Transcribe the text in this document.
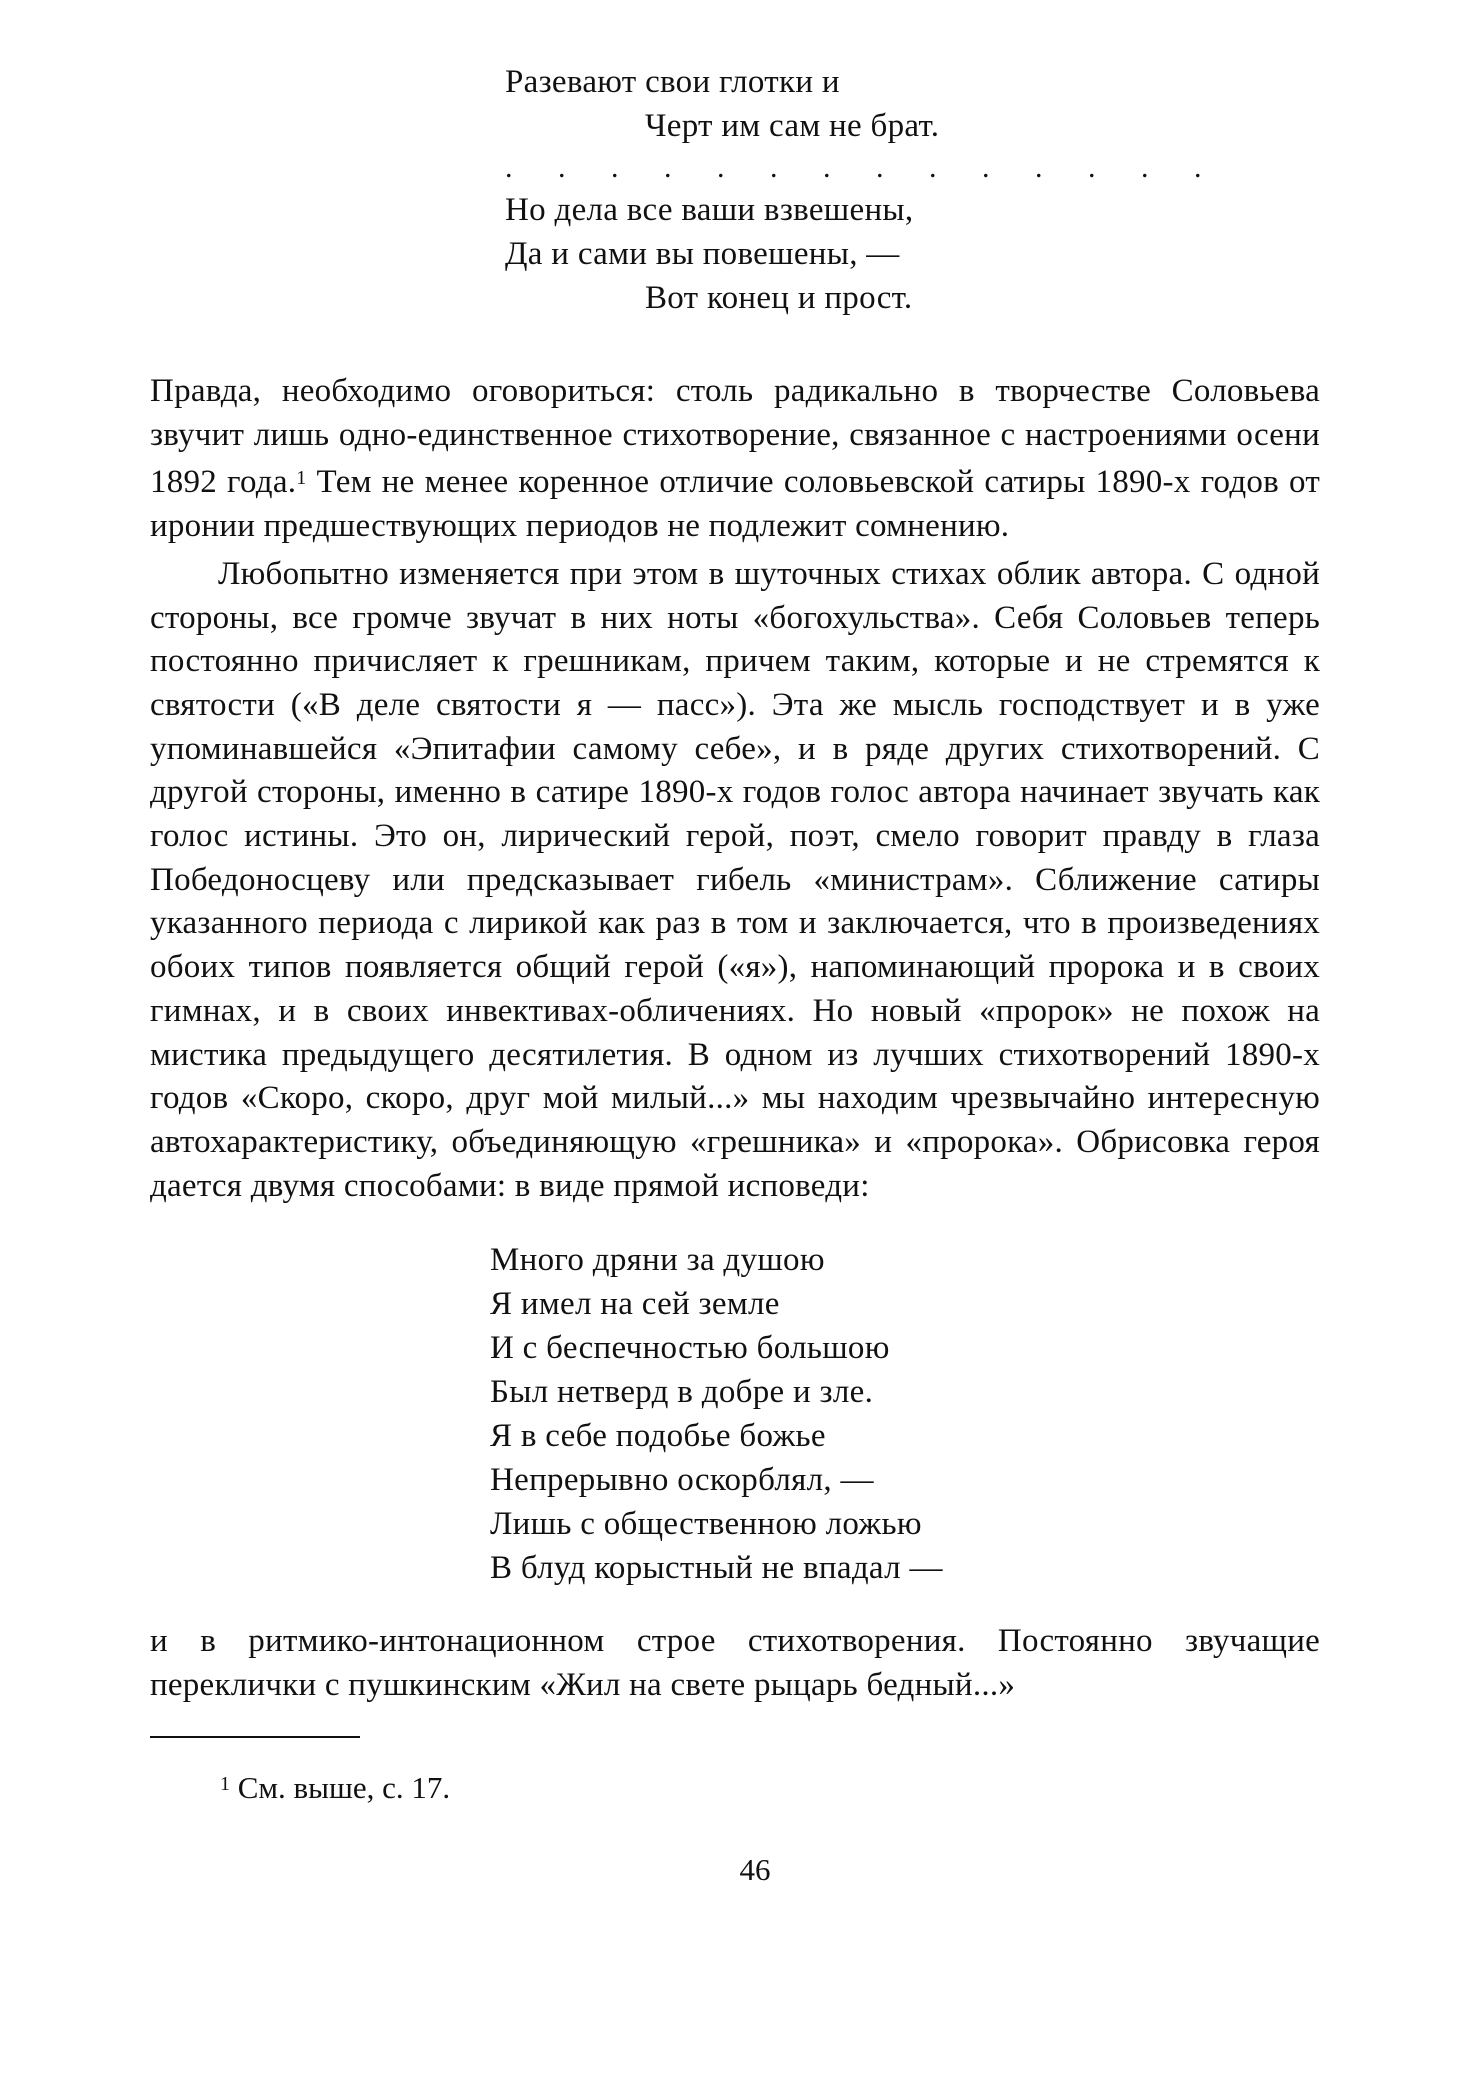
Разевают свои глотки и
Черт им сам не брат.
. . . . . . . . . . . . . .
Но дела все ваши взвешены,
Да и сами вы повешены, —
Вот конец и прост.

Правда, необходимо оговориться: столь радикально в творчестве Соловьева звучит лишь одно-единственное стихотворение, связанное с настроениями осени 1892 года.$^1$ Тем не менее коренное отличие соловьевской сатиры 1890-х годов от иронии предшествующих периодов не подлежит сомнению.

Любопытно изменяется при этом в шуточных стихах облик автора. С одной стороны, все громче звучат в них ноты «богохульства». Себя Соловьев теперь постоянно причисляет к грешникам, причем таким, которые и не стремятся к святости («В деле святости я — пасс»). Эта же мысль господствует и в уже упоминавшейся «Эпитафии самому себе», и в ряде других стихотворений. С другой стороны, именно в сатире 1890-х годов голос автора начинает звучать как голос истины. Это он, лирический герой, поэт, смело говорит правду в глаза Победоносцеву или предсказывает гибель «министрам». Сближение сатиры указанного периода с лирикой как раз в том и заключается, что в произведениях обоих типов появляется общий герой («я»), напоминающий пророка и в своих гимнах, и в своих инвективах-обличениях. Но новый «пророк» не похож на мистика предыдущего десятилетия. В одном из лучших стихотворений 1890-х годов «Скоро, скоро, друг мой милый...» мы находим чрезвычайно интересную автохарактеристику, объединяющую «грешника» и «пророка». Обрисовка героя дается двумя способами: в виде прямой исповеди:

Много дряни за душою
Я имел на сей земле
И с беспечностью большою
Был нетверд в добре и зле.
Я в себе подобье божье
Непрерывно оскорблял, —
Лишь с общественною ложью
В блуд корыстный не впадал —

и в ритмико-интонационном строе стихотворения. Постоянно звучащие переклички с пушкинским «Жил на свете рыцарь бедный...»

$^1$ См. выше, с. 17.
46
